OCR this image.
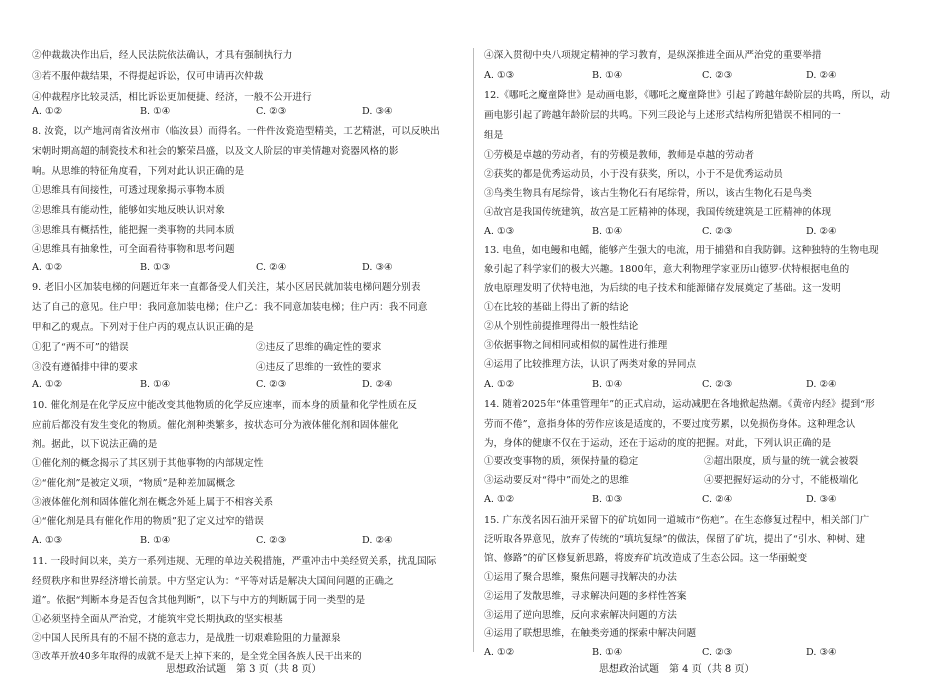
②仲裁裁决作出后，经人民法院依法确认，才具有强制执行力
③若不服仲裁结果，不得提起诉讼，仅可申请再次仲裁
④仲裁程序比较灵活，相比诉讼更加便捷、经济，一般不公开进行
A. ①②	B. ①④	C. ②③	D. ③④
8. 汝瓷，以产地河南省汝州市（临汝县）而得名。一件件汝瓷造型精美，工艺精湛，可以反映出
宋朝时期高超的制瓷技术和社会的繁荣昌盛，以及文人阶层的审美情趣对瓷器风格的影
响。从思维的特征角度看，下列对此认识正确的是
①思维具有间接性，可透过现象揭示事物本质
②思维具有能动性，能够如实地反映认识对象
③思维具有概括性，能把握一类事物的共同本质
④思维具有抽象性，可全面看待事物和思考问题
A. ①②	B. ①③	C. ②④	D. ③④
9. 老旧小区加装电梯的问题近年来一直都备受人们关注，某小区居民就加装电梯问题分别表
达了自己的意见。住户甲：我同意加装电梯；住户乙：我不同意加装电梯；住户丙：我不同意
甲和乙的观点。下列对于住户丙的观点认识正确的是
①犯了“两不可”的错误	②违反了思维的确定性的要求
③没有遵循排中律的要求	④违反了思维的一致性的要求
A. ①②	B. ①④	C. ②③	D. ②④
10. 催化剂是在化学反应中能改变其他物质的化学反应速率，而本身的质量和化学性质在反
应前后都没有发生变化的物质。催化剂种类繁多，按状态可分为液体催化剂和固体催化
剂。据此，以下说法正确的是
①催化剂的概念揭示了其区别于其他事物的内部规定性
②“催化剂”是被定义项，“物质”是种差加属概念
③液体催化剂和固体催化剂在概念外延上属于不相容关系
④“催化剂是具有催化作用的物质”犯了定义过窄的错误
A. ①③	B. ①④	C. ②③	D. ②④
11. 一段时间以来，美方一系列违规、无理的单边关税措施，严重冲击中美经贸关系，扰乱国际
经贸秩序和世界经济增长前景。中方坚定认为：“平等对话是解决大国间问题的正确之
道”。依据“判断本身是否包含其他判断”，以下与中方的判断属于同一类型的是
①必须坚持全面从严治党，才能筑牢党长期执政的坚实根基
②中国人民所具有的不屈不挠的意志力，是战胜一切艰难险阻的力量源泉
③改革开放40多年取得的成就不是天上掉下来的，是全党全国各族人民干出来的
思想政治试题　第 3 页（共 8 页）
④深入贯彻中央八项规定精神的学习教育，是纵深推进全面从严治党的重要举措
A. ①③	B. ①④	C. ②③	D. ②④
12.《哪吒之魔童降世》是动画电影，《哪吒之魔童降世》引起了跨越年龄阶层的共鸣，所以，动
画电影引起了跨越年龄阶层的共鸣。下列三段论与上述形式结构所犯错误不相同的一
组是
①劳模是卓越的劳动者，有的劳模是教师，教师是卓越的劳动者
②获奖的都是优秀运动员，小于没有获奖，所以，小于不是优秀运动员
③鸟类生物具有尾综骨，该古生物化石有尾综骨，所以，该古生物化石是鸟类
④故宫是我国传统建筑，故宫是工匠精神的体现，我国传统建筑是工匠精神的体现
A. ①③	B. ①④	C. ②③	D. ②④
13. 电鱼，如电鳗和电鳐，能够产生强大的电流，用于捕猎和自我防御。这种独特的生物电现
象引起了科学家们的极大兴趣。1800年，意大利物理学家亚历山德罗·伏特根据电鱼的
放电原理发明了伏特电池，为后续的电子技术和能源储存发展奠定了基础。这一发明
①在比较的基础上得出了新的结论
②从个别性前提推理得出一般性结论
③依据事物之间相同或相似的属性进行推理
④运用了比较推理方法，认识了两类对象的异同点
A. ①②	B. ①④	C. ②③	D. ②④
14. 随着2025年“体重管理年”的正式启动，运动减肥在各地掀起热潮。《黄帝内经》提到“形
劳而不倦”，意指身体的劳作应该是适度的，不要过度劳累，以免损伤身体。这种理念认
为，身体的健康不仅在于运动，还在于运动的度的把握。对此，下列认识正确的是
①要改变事物的质，须保持量的稳定	②超出限度，质与量的统一就会被裂
③运动要反对“得中”而处之的思维	④要把握好运动的分寸，不能极端化
A. ①②	B. ①③	C. ②④	D. ③④
15. 广东茂名因石油开采留下的矿坑如同一道城市“伤疤”。在生态修复过程中，相关部门广
泛听取各界意见，放弃了传统的“填坑复绿”的做法，保留了矿坑，提出了“引水、种树、建
馆、修路”的矿区修复新思路，将废弃矿坑改造成了生态公园。这一华丽蜕变
①运用了聚合思维，聚焦问题寻找解决的办法
②运用了发散思维，寻求解决问题的多样性答案
③运用了逆向思维，反向求索解决问题的方法
④运用了联想思维，在触类旁通的探索中解决问题
A. ①②	B. ①④	C. ②③	D. ③④
思想政治试题　第 4 页（共 8 页）
